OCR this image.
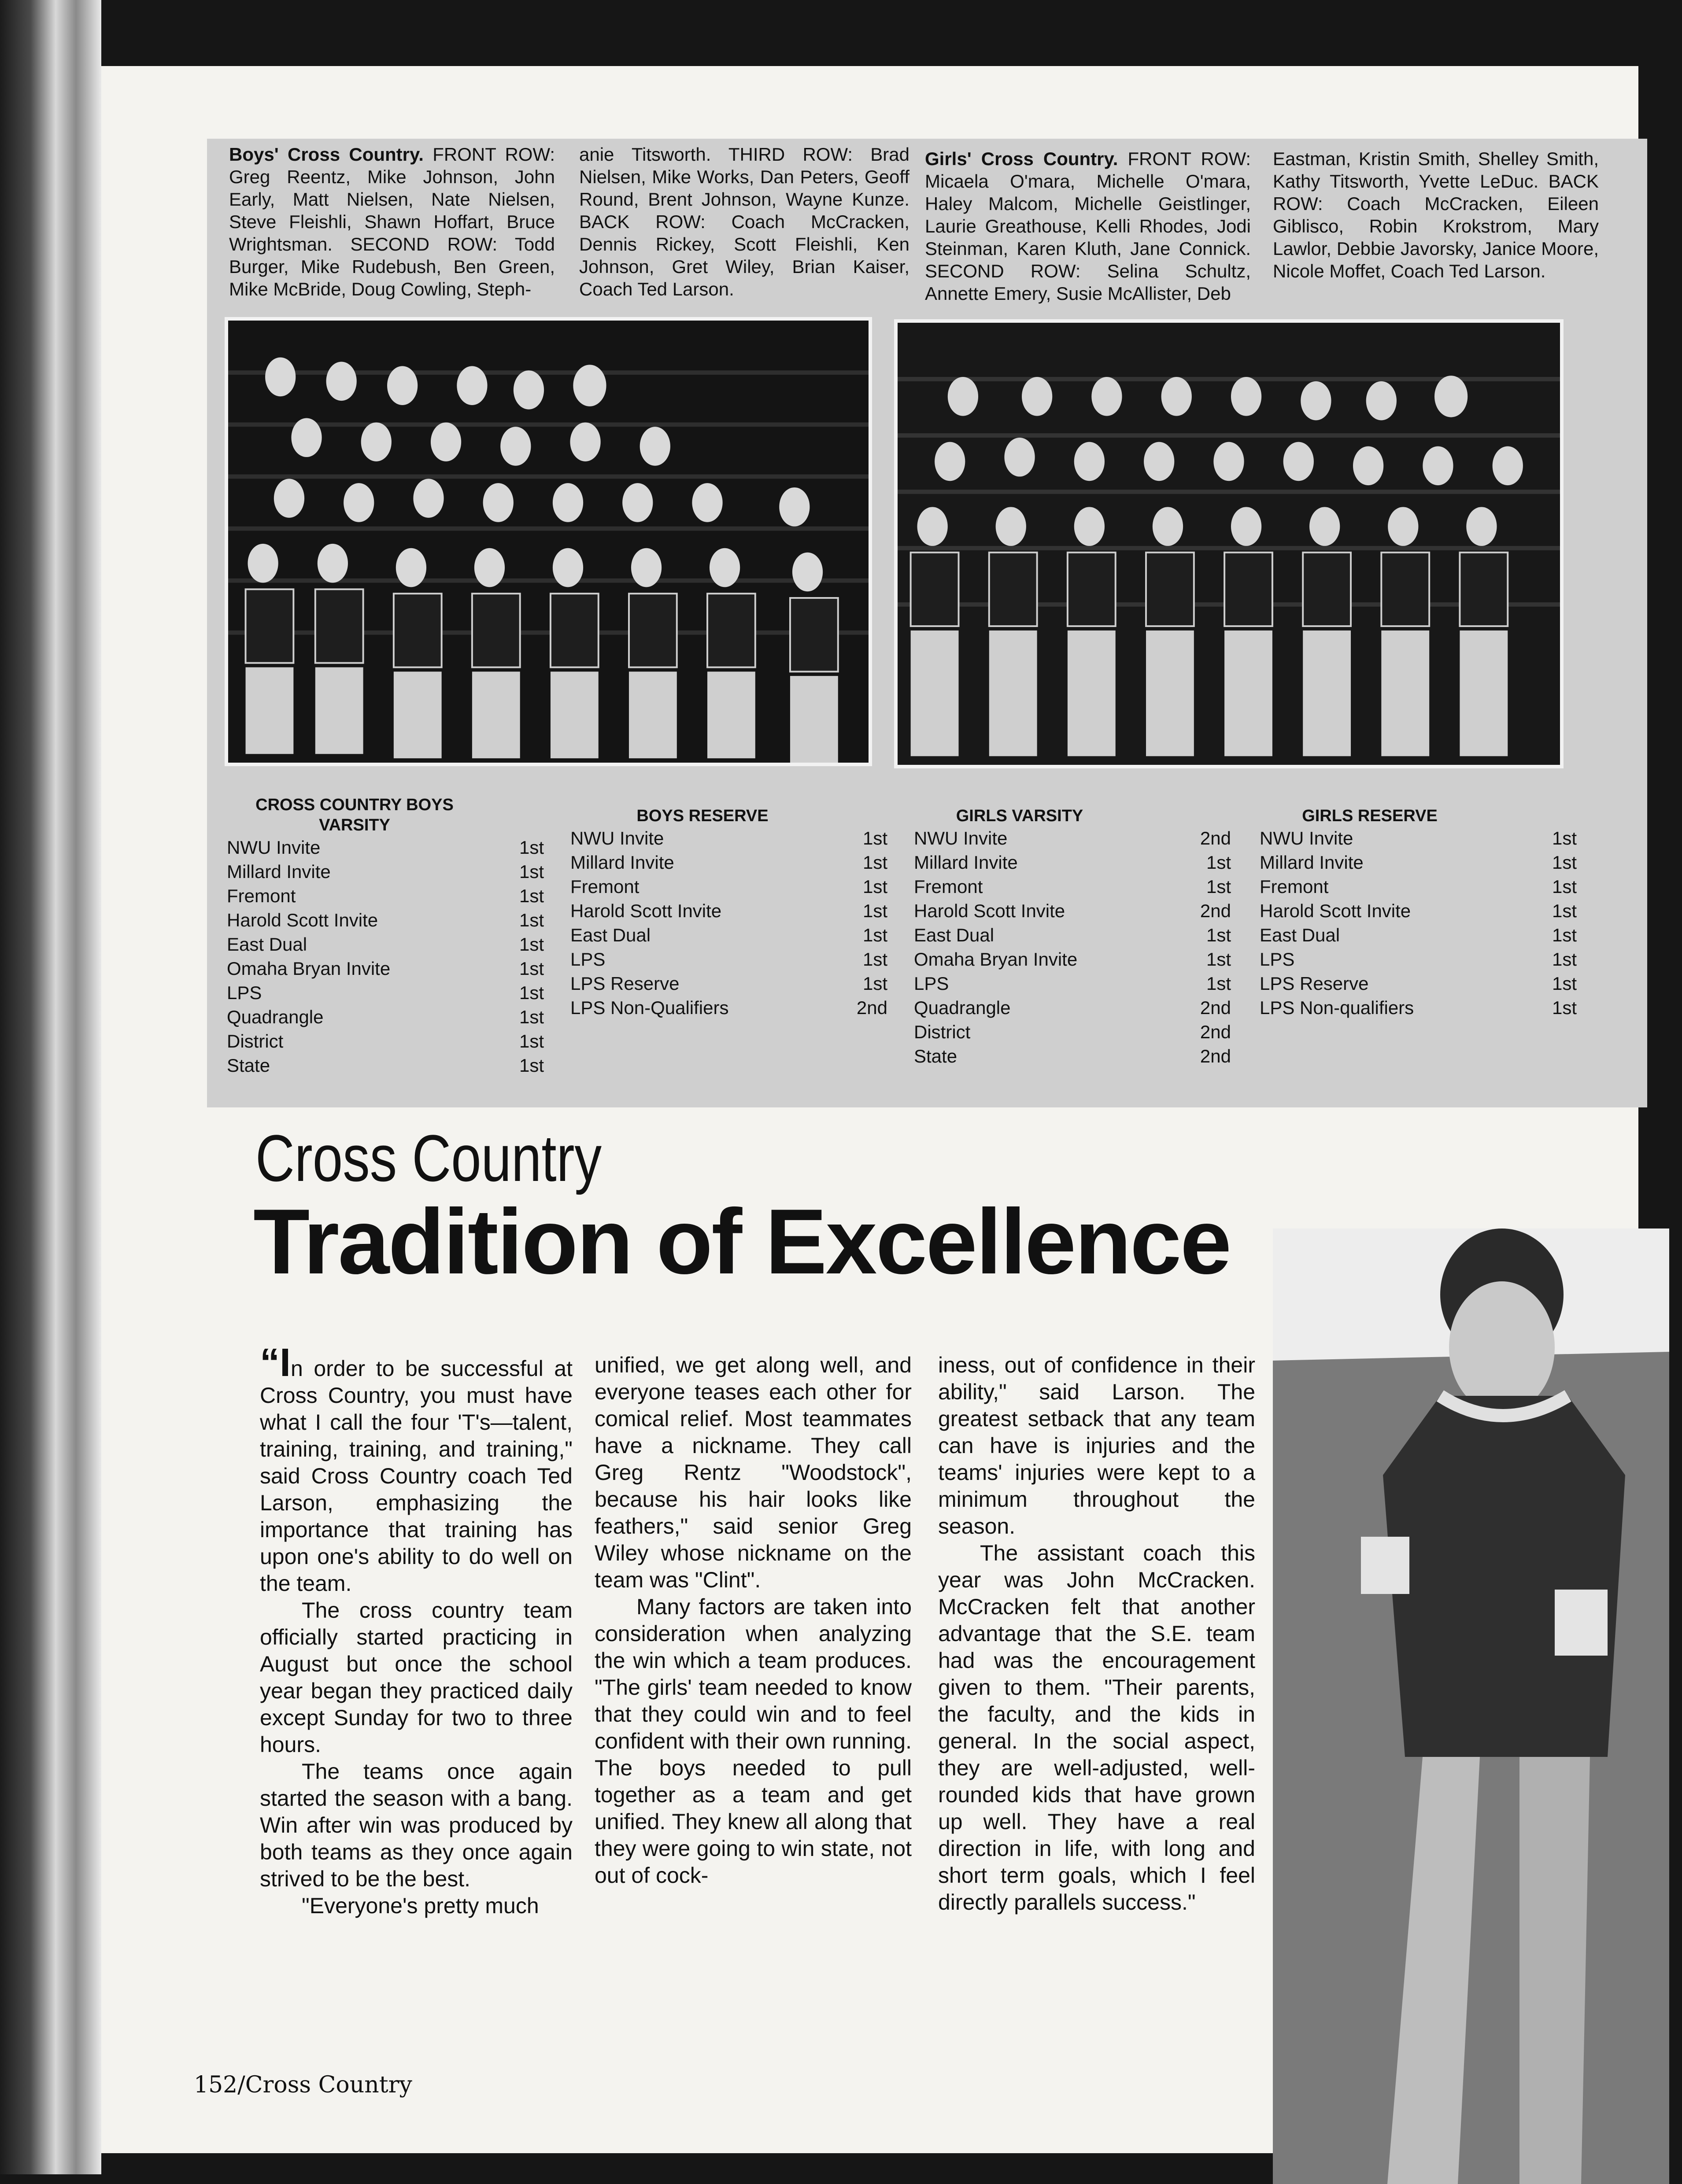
Boys' Cross Country. FRONT ROW: Greg Reentz, Mike Johnson, John Early, Matt Nielsen, Nate Nielsen, Steve Fleishli, Shawn Hoffart, Bruce Wrightsman. SECOND ROW: Todd Burger, Mike Rudebush, Ben Green, Mike McBride, Doug Cowling, Steph-
anie Titsworth. THIRD ROW: Brad Nielsen, Mike Works, Dan Peters, Geoff Round, Brent Johnson, Wayne Kunze. BACK ROW: Coach McCracken, Dennis Rickey, Scott Fleishli, Ken Johnson, Gret Wiley, Brian Kaiser, Coach Ted Larson.
Girls' Cross Country. FRONT ROW: Micaela O'mara, Michelle O'mara, Haley Malcom, Michelle Geistlinger, Laurie Greathouse, Kelli Rhodes, Jodi Steinman, Karen Kluth, Jane Connick. SECOND ROW: Selina Schultz, Annette Emery, Susie McAllister, Deb
Eastman, Kristin Smith, Shelley Smith, Kathy Titsworth, Yvette LeDuc. BACK ROW: Coach McCracken, Eileen Giblisco, Robin Krokstrom, Mary Lawlor, Debbie Javorsky, Janice Moore, Nicole Moffet, Coach Ted Larson.
CROSS COUNTRY BOYS VARSITY
NWU Invite	1st
Millard Invite	1st
Fremont	1st
Harold Scott Invite	1st
East Dual	1st
Omaha Bryan Invite	1st
LPS	1st
Quadrangle	1st
District	1st
State	1st
BOYS RESERVE
NWU Invite	1st
Millard Invite	1st
Fremont	1st
Harold Scott Invite	1st
East Dual	1st
LPS	1st
LPS Reserve	1st
LPS Non-Qualifiers	2nd
GIRLS VARSITY
NWU Invite	2nd
Millard Invite	1st
Fremont	1st
Harold Scott Invite	2nd
East Dual	1st
Omaha Bryan Invite	1st
LPS	1st
Quadrangle	2nd
District	2nd
State	2nd
GIRLS RESERVE
NWU Invite	1st
Millard Invite	1st
Fremont	1st
Harold Scott Invite	1st
East Dual	1st
LPS	1st
LPS Reserve	1st
LPS Non-qualifiers	1st
Cross Country
Tradition of Excellence

“In order to be successful at Cross Country, you must have what I call the four 'T's—talent, training, training, and training," said Cross Country coach Ted Larson, emphasizing the importance that training has upon one's ability to do well on the team.

The cross country team officially started practicing in August but once the school year began they practiced daily except Sunday for two to three hours.

The teams once again started the season with a bang. Win after win was produced by both teams as they once again strived to be the best.

"Everyone's pretty much

unified, we get along well, and everyone teases each other for comical relief. Most teammates have a nickname. They call Greg Rentz "Woodstock", because his hair looks like feathers," said senior Greg Wiley whose nickname on the team was "Clint".

Many factors are taken into consideration when analyzing the win which a team produces. "The girls' team needed to know that they could win and to feel confident with their own running. The boys needed to pull together as a team and get unified. They knew all along that they were going to win state, not out of cock-

iness, out of confidence in their ability," said Larson. The greatest setback that any team can have is injuries and the teams' injuries were kept to a minimum throughout the season.

The assistant coach this year was John McCracken. McCracken felt that another advantage that the S.E. team had was the encouragement given to them. "Their parents, the faculty, and the kids in general. In the social aspect, they are well-adjusted, well-rounded kids that have grown up well. They have a real direction in life, with long and short term goals, which I feel directly parallels success."

152/Cross Country
